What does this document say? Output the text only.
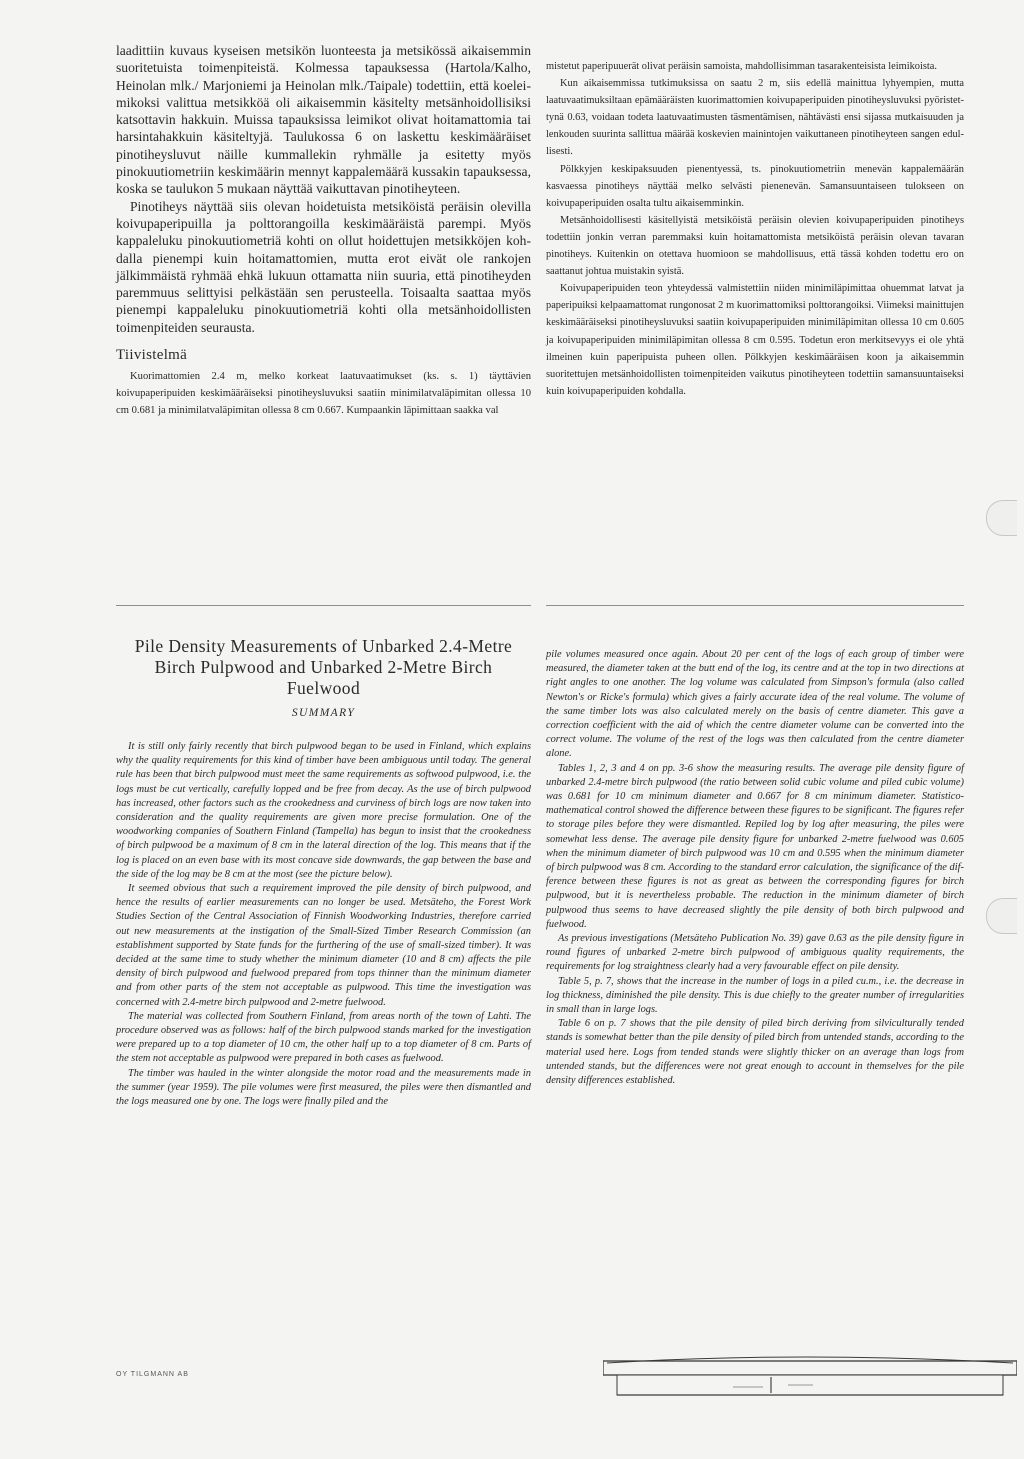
laadittiin kuvaus kyseisen metsikön luonteesta ja metsikössä aikaisemmin suoritetuista toimenpiteistä. Kolmessa tapauksessa (Hartola/Kalho, Heinolan mlk./ Marjoniemi ja Heinolan mlk./Taipale) todettiin, että koeleimikoksi valittua metsikköä oli aikaisemmin käsitelty metsänhoidollisiksi katsottavin hakkuin. Muissa tapauksissa leimikot olivat hoitamattomia tai harsintahakkuin käsiteltyjä. Taulukossa 6 on laskettu keskimääräiset pinotiheysluvut näille kummallekin ryhmälle ja esitetty myös pinokuutiometriin keskimäärin mennyt kappalemäärä kussakin tapauksessa, koska se taulukon 5 mukaan näyttää vaikuttavan pinotiheyteen.

Pinotiheys näyttää siis olevan hoidetuista metsiköistä peräisin olevilla koivupaperipuilla ja polttorangoilla keskimääräistä parempi. Myös kappaleluku pinokuutiometriä kohti on ollut hoidettujen metsikköjen kohdalla pienempi kuin hoitamattomien, mutta erot eivät ole rankojen jälkimmäistä ryhmää ehkä lukuun ottamatta niin suuria, että pinotiheyden paremmuus selittyisi pelkästään sen perusteella. Toisaalta saattaa myös pienempi kappaleluku pinokuutiometriä kohti olla metsänhoidollisten toimenpiteiden seurausta.

Tiivistelmä

Kuorimattomien 2.4 m, melko korkeat laatuvaatimukset (ks. s. 1) täyttävien koivupaperipuiden keskimääräiseksi pinotiheysluvuksi saatiin minimilatvaläpimitan ollessa 10 cm 0.681 ja minimilatvaläpimitan ollessa 8 cm 0.667. Kumpaankin läpimittaan saakka val

mistetut paperipuuerät olivat peräisin samoista, mahdollisimman tasarakenteisista leimikoista.

Kun aikaisemmissa tutkimuksissa on saatu 2 m, siis edellä mainittua lyhyempien, mutta laatuvaatimuksiltaan epämääräisten kuorimattomien koivupaperipuiden pinotiheysluvuksi pyöristettynä 0.63, voidaan todeta laatuvaatimusten täsmentämisen, nähtävästi ensi sijassa mutkaisuuden ja lenkouden suurinta sallittua määrää koskevien mainintojen vaikuttaneen pinotiheyteen sangen edullisesti.

Pölkkyjen keskipaksuuden pienentyessä, ts. pinokuutiometriin menevän kappalemäärän kasvaessa pinotiheys näyttää melko selvästi pienenevän. Samansuuntaiseen tulokseen on koivupaperipuiden osalta tultu aikaisemminkin.

Metsänhoidollisesti käsitellyistä metsiköistä peräisin olevien koivupaperipuiden pinotiheys todettiin jonkin verran paremmaksi kuin hoitamattomista metsiköistä peräisin olevan tavaran pinotiheys. Kuitenkin on otettava huomioon se mahdollisuus, että tässä kohden todettu ero on saattanut johtua muistakin syistä.

Koivupaperipuiden teon yhteydessä valmistettiin niiden minimiläpimittaa ohuemmat latvat ja paperipuiksi kelpaamattomat rungonosat 2 m kuorimattomiksi polttorangoiksi. Viimeksi mainittujen keskimääräiseksi pinotiheysluvuksi saatiin koivupaperipuiden minimiläpimitan ollessa 10 cm 0.605 ja koivupaperipuiden minimiläpimitan ollessa 8 cm 0.595. Todetun eron merkitsevyys ei ole yhtä ilmeinen kuin paperipuista puheen ollen. Pölkkyjen keskimääräisen koon ja aikaisemmin suoritettujen metsänhoidollisten toimenpiteiden vaikutus pinotiheyteen todettiin samansuuntaiseksi kuin koivupaperipuiden kohdalla.

Pile Density Measurements of Unbarked 2.4-Metre Birch Pulpwood and Unbarked 2-Metre Birch Fuelwood
SUMMARY

It is still only fairly recently that birch pulpwood began to be used in Finland, which explains why the quality requirements for this kind of timber have been ambiguous until today. The general rule has been that birch pulpwood must meet the same requirements as softwood pulpwood, i.e. the logs must be cut vertically, carefully lopped and be free from decay. As the use of birch pulpwood has increased, other factors such as the crookedness and curviness of birch logs are now taken into consideration and the quality requirements are given more precise formulation. One of the woodworking companies of Southern Finland (Tampella) has begun to insist that the crookedness of birch pulpwood be a maximum of 8 cm in the lateral direction of the log. This means that if the log is placed on an even base with its most concave side downwards, the gap between the base and the side of the log may be 8 cm at the most (see the picture below).

It seemed obvious that such a requirement improved the pile density of birch pulpwood, and hence the results of earlier measurements can no longer be used. Metsäteho, the Forest Work Studies Section of the Central Association of Finnish Woodworking Industries, therefore carried out new measurements at the instigation of the Small-Sized Timber Research Commission (an establishment supported by State funds for the furthering of the use of small-sized timber). It was decided at the same time to study whether the minimum diameter (10 and 8 cm) affects the pile density of birch pulpwood and fuelwood prepared from tops thinner than the minimum diameter and from other parts of the stem not acceptable as pulpwood. This time the investigation was concerned with 2.4-metre birch pulpwood and 2-metre fuelwood.

The material was collected from Southern Finland, from areas north of the town of Lahti. The procedure observed was as follows: half of the birch pulpwood stands marked for the investigation were prepared up to a top diameter of 10 cm, the other half up to a top diameter of 8 cm. Parts of the stem not acceptable as pulpwood were prepared in both cases as fuelwood.

The timber was hauled in the winter alongside the motor road and the measurements made in the summer (year 1959). The pile volumes were first measured, the piles were then dismantled and the logs measured one by one. The logs were finally piled and the

pile volumes measured once again. About 20 per cent of the logs of each group of timber were measured, the diameter taken at the butt end of the log, its centre and at the top in two directions at right angles to one another. The log volume was calculated from Simpson's formula (also called Newton's or Ricke's formula) which gives a fairly accurate idea of the real volume. The volume of the same timber lots was also calculated merely on the basis of centre diameter. This gave a correction coefficient with the aid of which the centre diameter volume can be converted into the correct volume. The volume of the rest of the logs was then calculated from the centre diameter alone.

Tables 1, 2, 3 and 4 on pp. 3-6 show the measuring results. The average pile density figure of unbarked 2.4-metre birch pulpwood (the ratio between solid cubic volume and piled cubic volume) was 0.681 for 10 cm minimum diameter and 0.667 for 8 cm minimum diameter. Statistico-mathematical control showed the difference between these figures to be significant. The figures refer to storage piles before they were dismantled. Repiled log by log after measuring, the piles were somewhat less dense. The average pile density figure for unbarked 2-metre fuelwood was 0.605 when the minimum diameter of birch pulpwood was 10 cm and 0.595 when the minimum diameter of birch pulpwood was 8 cm. According to the standard error calculation, the significance of the difference between these figures is not as great as between the corresponding figures for birch pulpwood, but it is nevertheless probable. The reduction in the minimum diameter of birch pulpwood thus seems to have decreased slightly the pile density of both birch pulpwood and fuelwood.

As previous investigations (Metsäteho Publication No. 39) gave 0.63 as the pile density figure in round figures of unbarked 2-metre birch pulpwood of ambiguous quality requirements, the requirements for log straightness clearly had a very favourable effect on pile density.

Table 5, p. 7, shows that the increase in the number of logs in a piled cu.m., i.e. the decrease in log thickness, diminished the pile density. This is due chiefly to the greater number of irregularities in small than in large logs.

Table 6 on p. 7 shows that the pile density of piled birch deriving from silviculturally tended stands is somewhat better than the pile density of piled birch from untended stands, according to the material used here. Logs from tended stands were slightly thicker on an average than logs from untended stands, but the differences were not great enough to account in themselves for the pile density differences established.

OY TILGMANN AB
